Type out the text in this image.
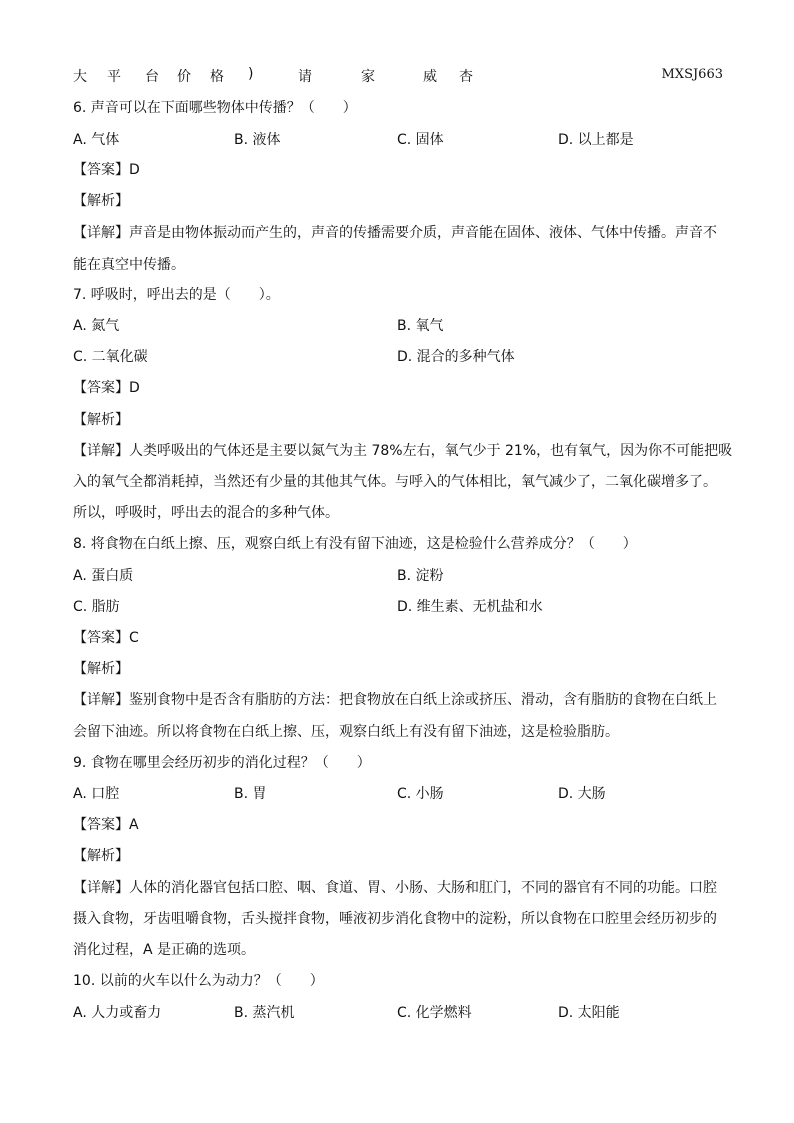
大 平 台 价 格 )	请	家	威 杏	MXSJ663
6. 声音可以在下面哪些物体中传播？（　　）
A. 气体	B. 液体	C. 固体	D. 以上都是
【答案】D
【解析】
【详解】声音是由物体振动而产生的，声音的传播需要介质，声音能在固体、液体、气体中传播。声音不
能在真空中传播。
7. 呼吸时，呼出去的是（　　）。
A. 氮气	B. 氧气
C. 二氧化碳	D. 混合的多种气体
【答案】D
【解析】
【详解】人类呼吸出的气体还是主要以氮气为主 78%左右，氧气少于 21%，也有氧气，因为你不可能把吸
入的氧气全都消耗掉，当然还有少量的其他其气体。与呼入的气体相比，氧气减少了，二氧化碳增多了。
所以，呼吸时，呼出去的混合的多种气体。
8. 将食物在白纸上擦、压，观察白纸上有没有留下油迹，这是检验什么营养成分？（　　）
A. 蛋白质	B. 淀粉
C. 脂肪	D. 维生素、无机盐和水
【答案】C
【解析】
【详解】鉴别食物中是否含有脂肪的方法：把食物放在白纸上涂或挤压、滑动，含有脂肪的食物在白纸上
会留下油迹。所以将食物在白纸上擦、压，观察白纸上有没有留下油迹，这是检验脂肪。
9. 食物在哪里会经历初步的消化过程？（　　）
A. 口腔	B. 胃	C. 小肠	D. 大肠
【答案】A
【解析】
【详解】人体的消化器官包括口腔、咽、食道、胃、小肠、大肠和肛门，不同的器官有不同的功能。口腔
摄入食物，牙齿咀嚼食物，舌头搅拌食物，唾液初步消化食物中的淀粉，所以食物在口腔里会经历初步的
消化过程，A 是正确的选项。
10. 以前的火车以什么为动力？（　　）
A. 人力或畜力	B. 蒸汽机	C. 化学燃料	D. 太阳能
